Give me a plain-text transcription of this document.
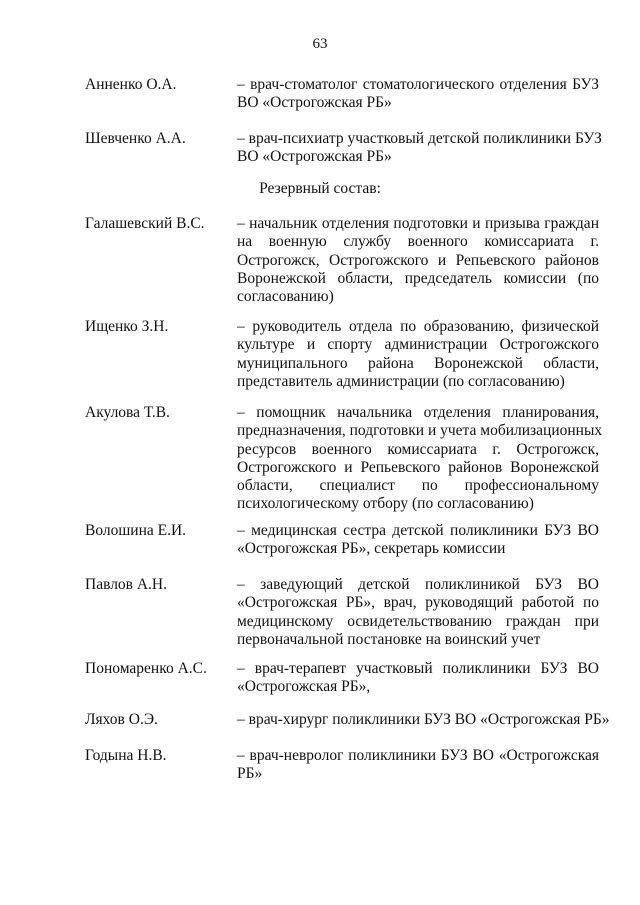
63
Анненко О.А.	– врач-стоматолог стоматологического отделения БУЗ
ВО «Острогожская РБ»
Шевченко А.А.	– врач-психиатр участковый детской поликлиники БУЗ
ВО «Острогожская РБ»
Резервный состав:
Галашевский В.С. – начальник отделения подготовки и призыва граждан
на военную службу военного комиссариата г.
Острогожск, Острогожского и Репьевского районов
Воронежской области, председатель комиссии (по
согласованию)
Ищенко З.Н.	– руководитель отдела по образованию, физической
культуре и спорту администрации Острогожского
муниципального района Воронежской области,
представитель администрации (по согласованию)
Акулова Т.В.	– помощник начальника отделения планирования,
предназначения, подготовки и учета мобилизационных
ресурсов военного комиссариата г. Острогожск,
Острогожского и Репьевского районов Воронежской
области, специалист по профессиональному
психологическому отбору (по согласованию)
Волошина Е.И.	– медицинская сестра детской поликлиники БУЗ ВО
«Острогожская РБ», секретарь комиссии
Павлов А.Н.	– заведующий детской поликлиникой БУЗ ВО
«Острогожская РБ», врач, руководящий работой по
медицинскому освидетельствованию граждан при
первоначальной постановке на воинский учет
Пономаренко А.С. – врач-терапевт участковый поликлиники БУЗ ВО
«Острогожская РБ»,
Ляхов О.Э.	– врач-хирург поликлиники БУЗ ВО «Острогожская РБ»
Годына Н.В.	– врач-невролог поликлиники БУЗ ВО «Острогожская
РБ»
